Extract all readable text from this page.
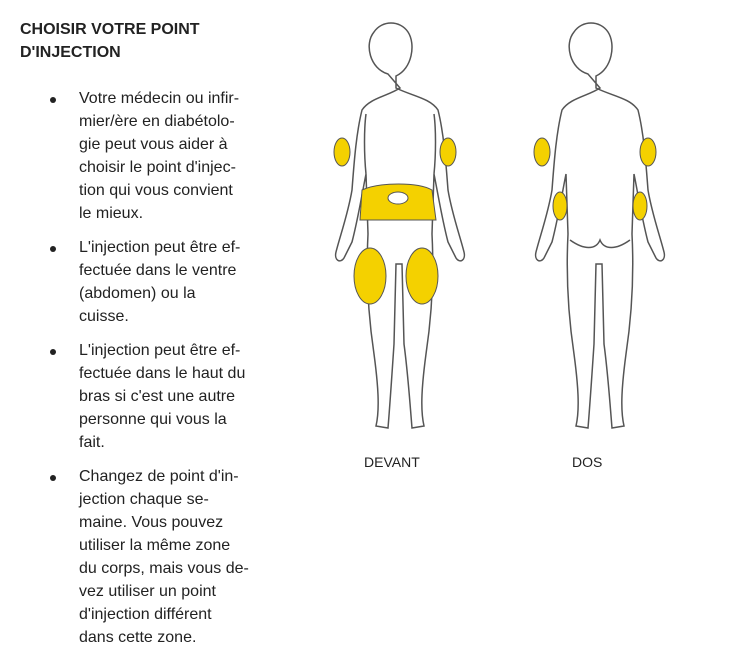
CHOISIR VOTRE POINT
D'INJECTION
Votre médecin ou infir-
mier/ère en diabétolo-
gie peut vous aider à
choisir le point d'injec-
tion qui vous convient
le mieux.
L'injection peut être ef-
fectuée dans le ventre
(abdomen) ou la
cuisse.
L'injection peut être ef-
fectuée dans le haut du
bras si c'est une autre
personne qui vous la
fait.
Changez de point d'in-
jection chaque se-
maine. Vous pouvez
utiliser la même zone
du corps, mais vous de-
vez utiliser un point
d'injection différent
dans cette zone.
DEVANT	DOS
